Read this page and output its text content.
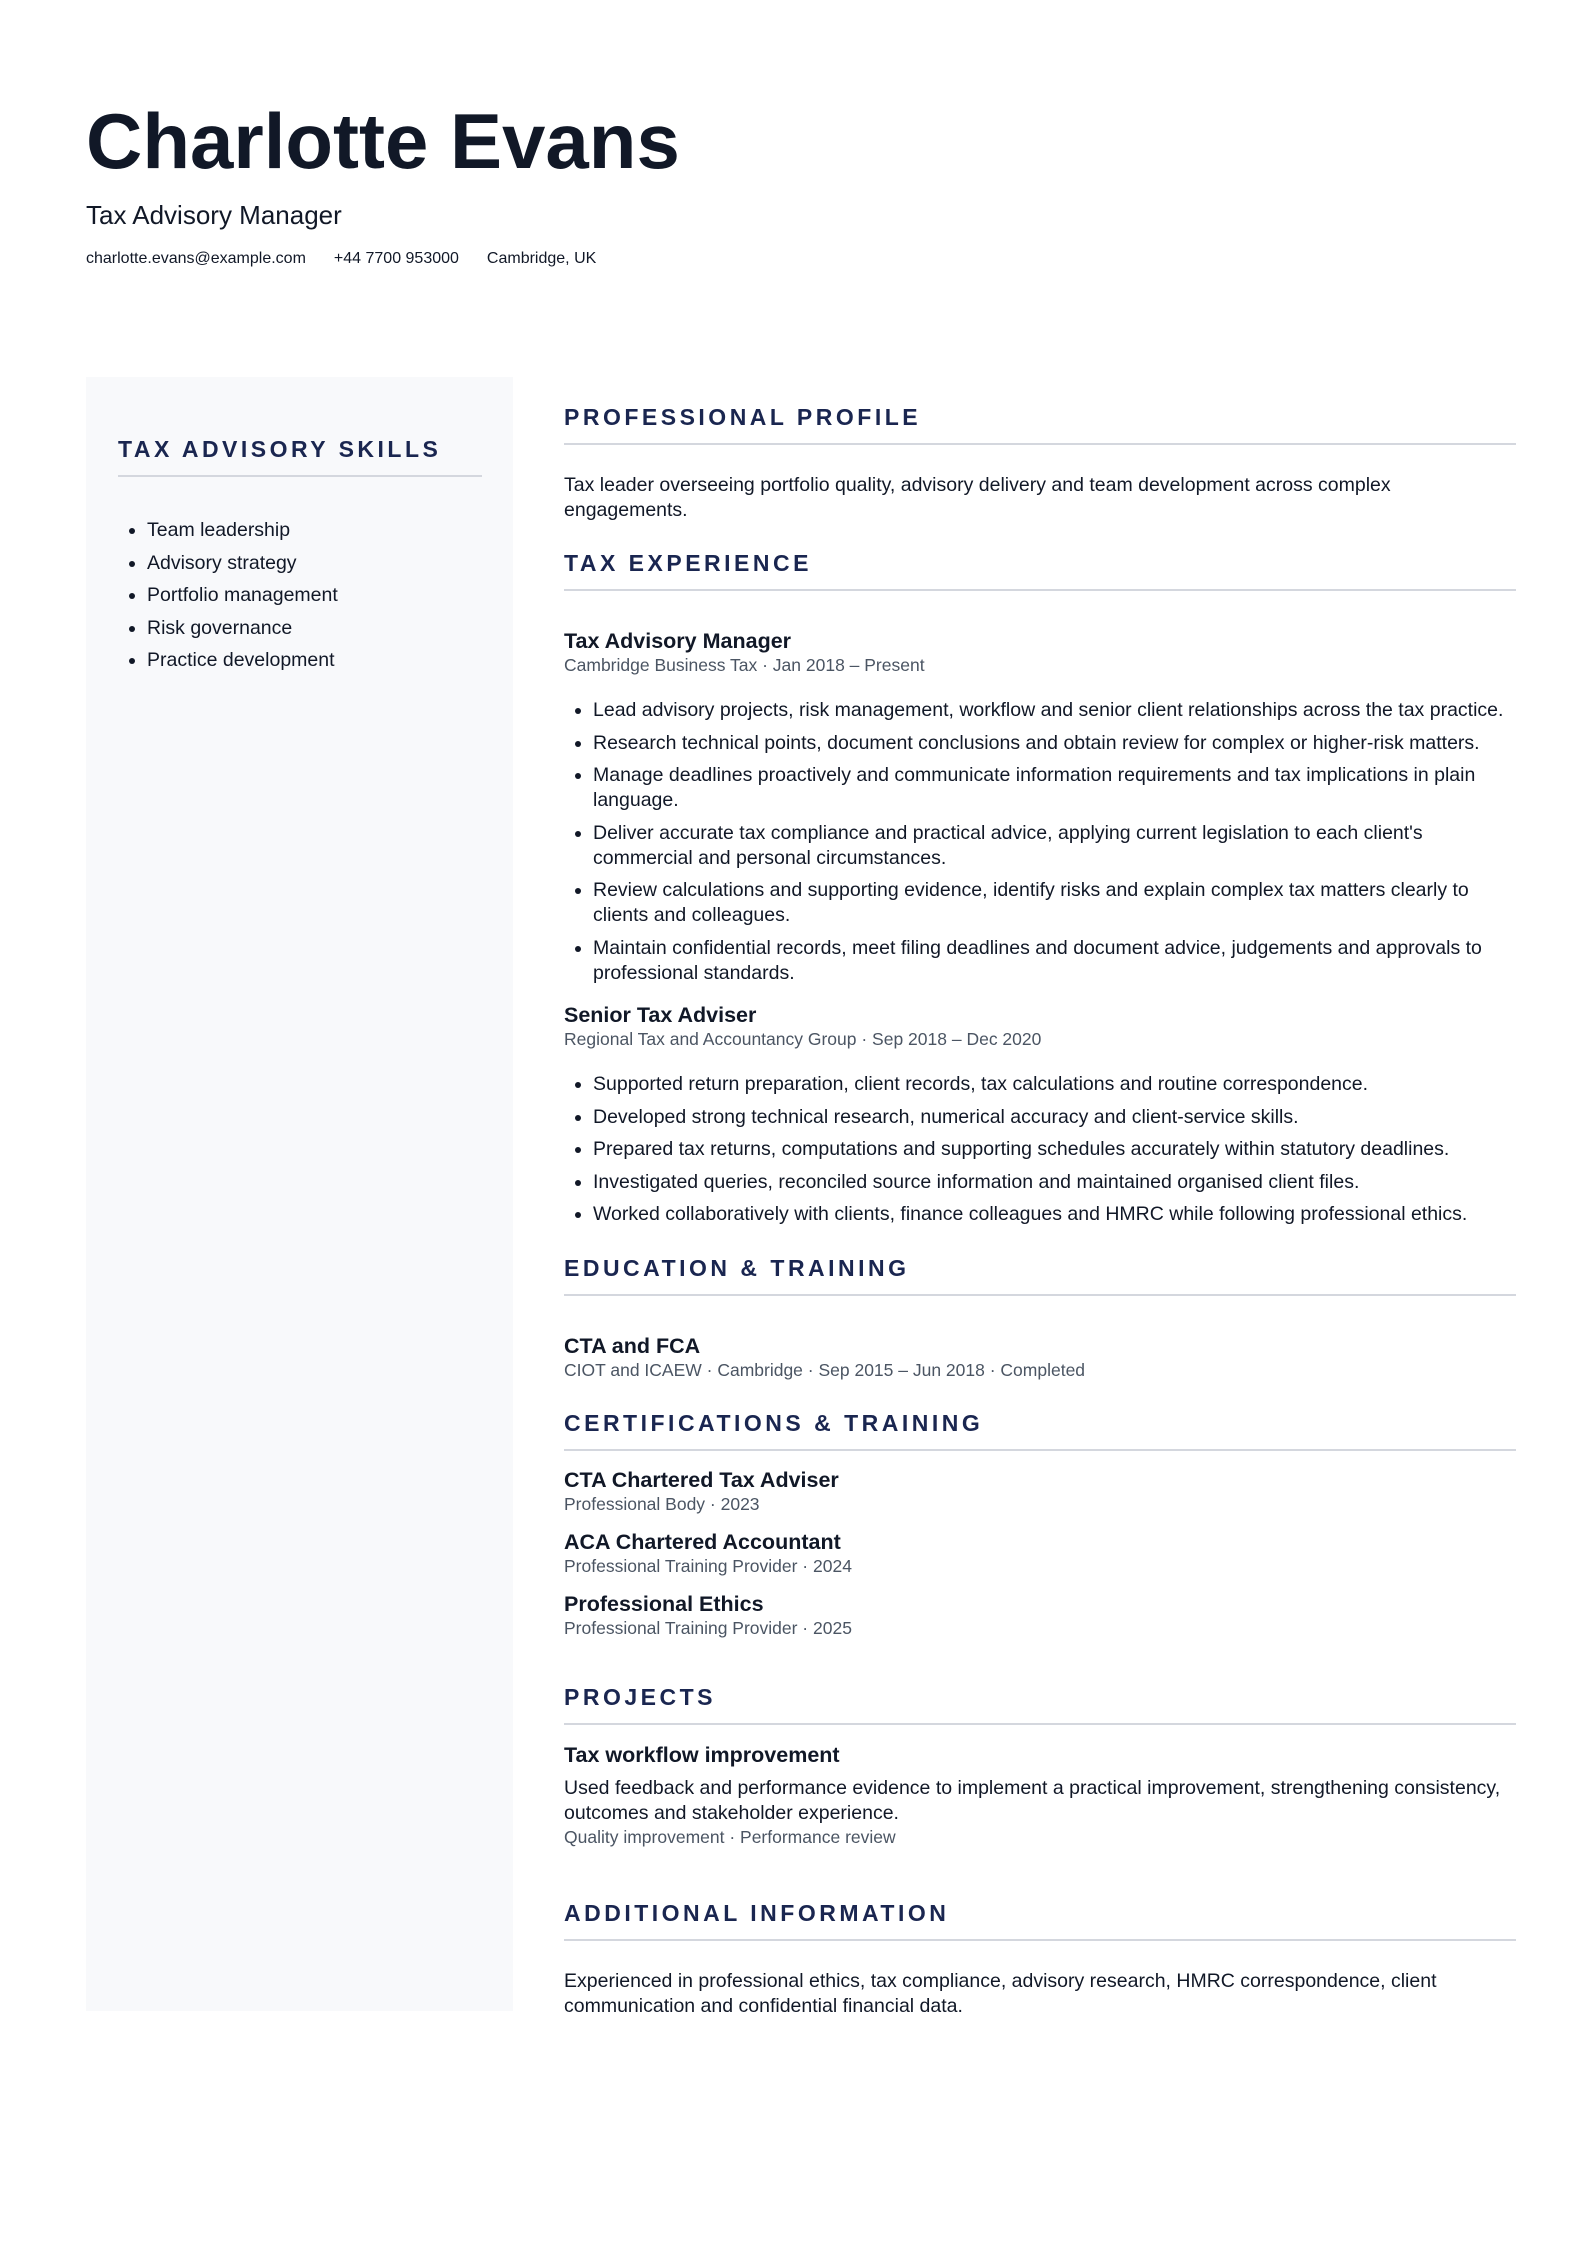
Charlotte Evans
Tax Advisory Manager
charlotte.evans@example.com +44 7700 953000 Cambridge, UK
TAX ADVISORY SKILLS
• Team leadership
• Advisory strategy
• Portfolio management
• Risk governance
• Practice development
PROFESSIONAL PROFILE
Tax leader overseeing portfolio quality, advisory delivery and team development across complex engagements.
TAX EXPERIENCE
Tax Advisory Manager
Cambridge Business Tax · Jan 2018 – Present
• Lead advisory projects, risk management, workflow and senior client relationships across the tax practice.
• Research technical points, document conclusions and obtain review for complex or higher-risk matters.
• Manage deadlines proactively and communicate information requirements and tax implications in plain language.
• Deliver accurate tax compliance and practical advice, applying current legislation to each client's commercial and personal circumstances.
• Review calculations and supporting evidence, identify risks and explain complex tax matters clearly to clients and colleagues.
• Maintain confidential records, meet filing deadlines and document advice, judgements and approvals to professional standards.
Senior Tax Adviser
Regional Tax and Accountancy Group · Sep 2018 – Dec 2020
• Supported return preparation, client records, tax calculations and routine correspondence.
• Developed strong technical research, numerical accuracy and client-service skills.
• Prepared tax returns, computations and supporting schedules accurately within statutory deadlines.
• Investigated queries, reconciled source information and maintained organised client files.
• Worked collaboratively with clients, finance colleagues and HMRC while following professional ethics.
EDUCATION & TRAINING
CTA and FCA
CIOT and ICAEW · Cambridge · Sep 2015 – Jun 2018 · Completed
CERTIFICATIONS & TRAINING
CTA Chartered Tax Adviser
Professional Body · 2023
ACA Chartered Accountant
Professional Training Provider · 2024
Professional Ethics
Professional Training Provider · 2025
PROJECTS
Tax workflow improvement
Used feedback and performance evidence to implement a practical improvement, strengthening consistency, outcomes and stakeholder experience.
Quality improvement · Performance review
ADDITIONAL INFORMATION
Experienced in professional ethics, tax compliance, advisory research, HMRC correspondence, client communication and confidential financial data.
